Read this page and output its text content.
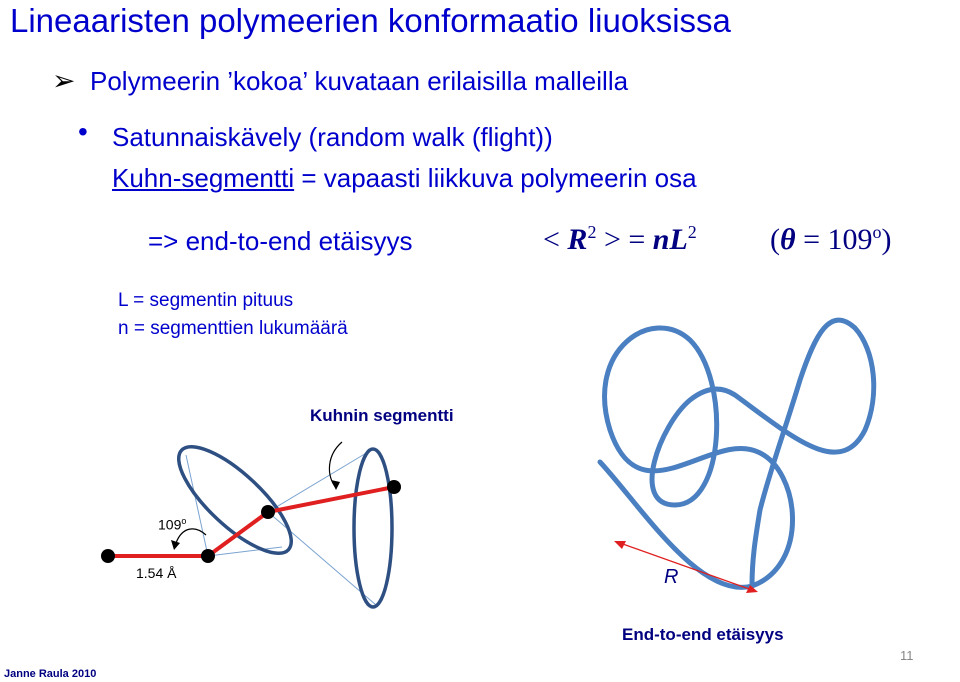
Lineaaristen polymeerien konformaatio liuoksissa
➢ Polymeerin ’kokoa’ kuvataan erilaisilla malleilla
• Satunnaiskävely (random walk (flight))
Kuhn-segmentti = vapaasti liikkuva polymeerin osa
=> end-to-end etäisyys	< $R^2$ > = $nL^2$ $(\theta = 109^o)$
L = segmentin pituus
n = segmenttien lukumäärä
Kuhnin segmentti
109$^o$
1.54 Å	R
End-to-end etäisyys
Janne Raula 2010
11
